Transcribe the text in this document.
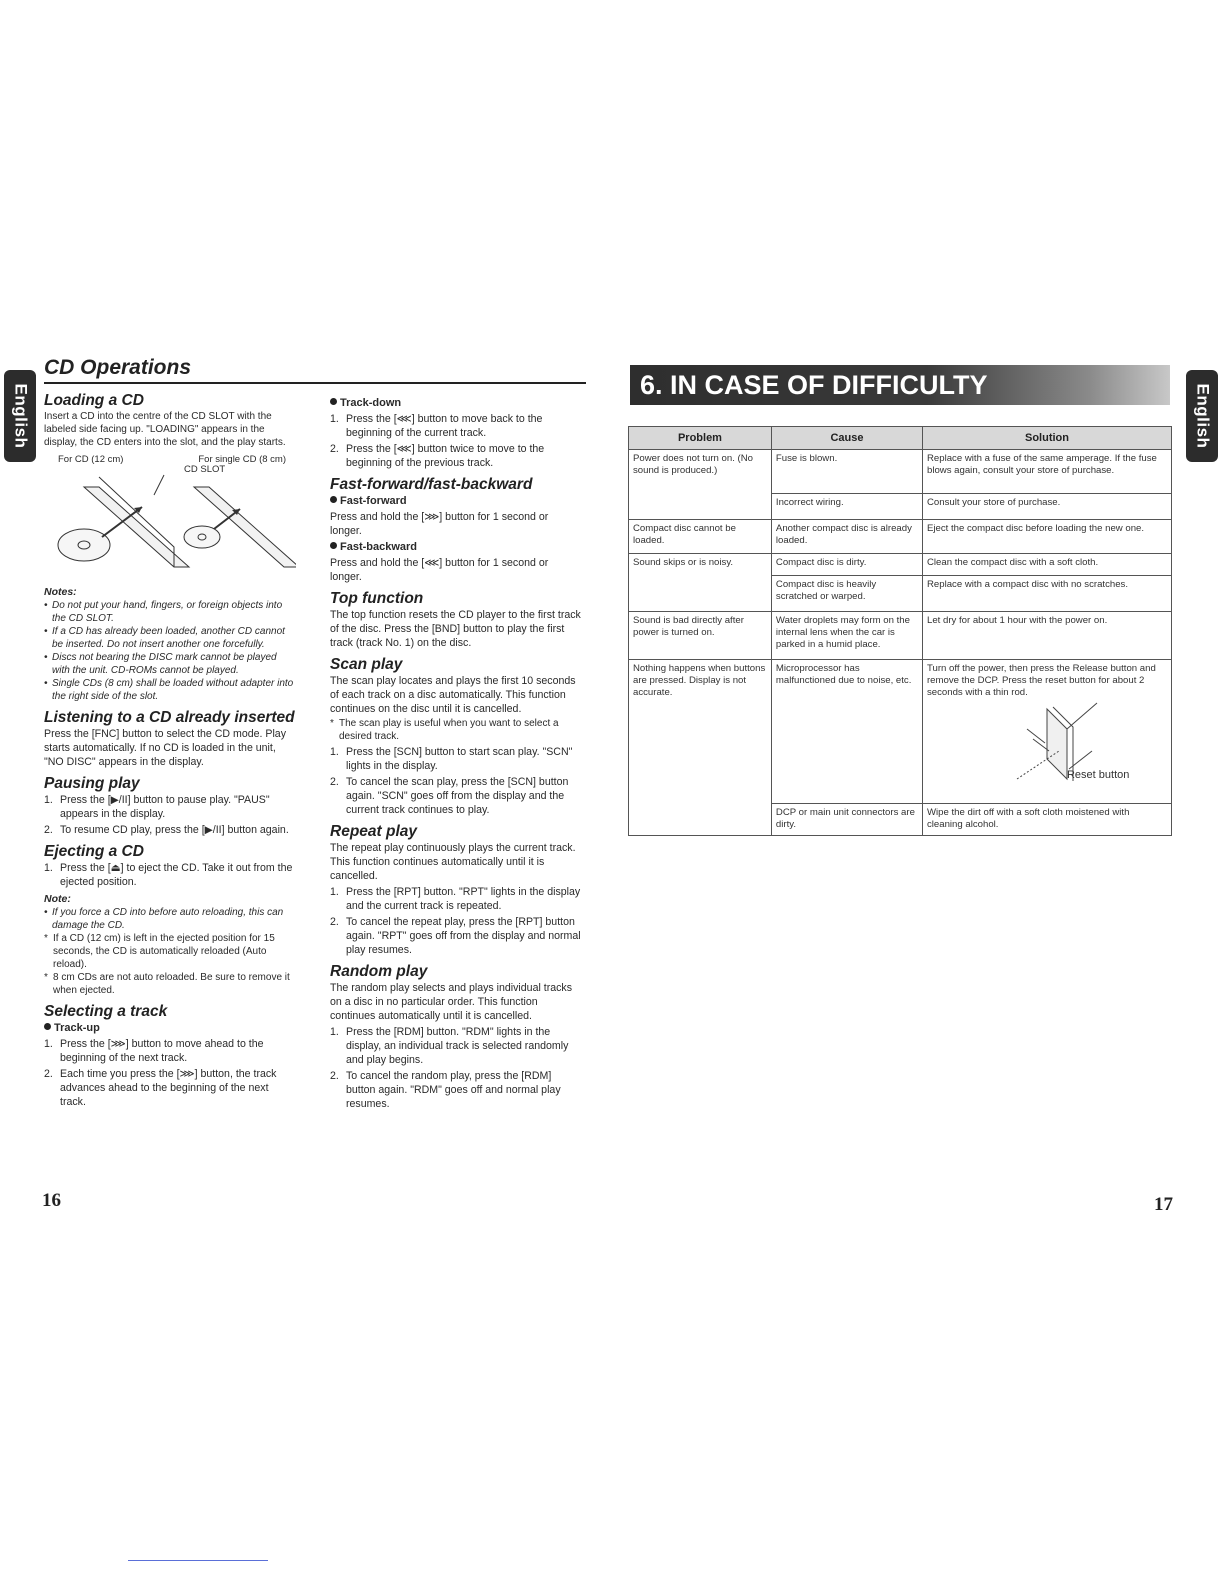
English	English
CD Operations
Loading a CD

Insert a CD into the centre of the CD SLOT with the labeled side facing up. "LOADING" appears in the display, the CD enters into the slot, and the play starts.

For CD (12 cm)	For single CD (8 cm)
CD SLOT
Notes:
• Do not put your hand, fingers, or foreign objects into the CD SLOT.
• If a CD has already been loaded, another CD cannot be inserted. Do not insert another one forcefully.
• Discs not bearing the DISC mark cannot be played with the unit. CD-ROMs cannot be played.
• Single CDs (8 cm) shall be loaded without adapter into the right side of the slot.
Listening to a CD already inserted

Press the [FNC] button to select the CD mode. Play starts automatically. If no CD is loaded in the unit, "NO DISC" appears in the display.

Pausing play
1. Press the [▶/II] button to pause play. "PAUS" appears in the display.
2. To resume CD play, press the [▶/II] button again.
Ejecting a CD
1. Press the [⏏] to eject the CD. Take it out from the ejected position.
Note:
• If you force a CD into before auto reloading, this can damage the CD.
* If a CD (12 cm) is left in the ejected position for 15 seconds, the CD is automatically reloaded (Auto reload).
* 8 cm CDs are not auto reloaded. Be sure to remove it when ejected.
Selecting a track
Track-up
1. Press the [⋙] button to move ahead to the beginning of the next track.
2. Each time you press the [⋙] button, the track advances ahead to the beginning of the next track.
Track-down
1. Press the [⋘] button to move back to the beginning of the current track.
2. Press the [⋘] button twice to move to the beginning of the previous track.
Fast-forward/fast-backward
Fast-forward

Press and hold the [⋙] button for 1 second or longer.

Fast-backward

Press and hold the [⋘] button for 1 second or longer.

Top function

The top function resets the CD player to the first track of the disc. Press the [BND] button to play the first track (track No. 1) on the disc.

Scan play

The scan play locates and plays the first 10 seconds of each track on a disc automatically. This function continues on the disc until it is cancelled.

* The scan play is useful when you want to select a desired track.
1. Press the [SCN] button to start scan play. "SCN" lights in the display.
2. To cancel the scan play, press the [SCN] button again. "SCN" goes off from the display and the current track continues to play.
Repeat play

The repeat play continuously plays the current track. This function continues automatically until it is cancelled.

1. Press the [RPT] button. "RPT" lights in the display and the current track is repeated.
2. To cancel the repeat play, press the [RPT] button again. "RPT" goes off from the display and normal play resumes.
Random play

The random play selects and plays individual tracks on a disc in no particular order. This function continues automatically until it is cancelled.

1. Press the [RDM] button. "RDM" lights in the display, an individual track is selected randomly and play begins.
2. To cancel the random play, press the [RDM] button again. "RDM" goes off and normal play resumes.
16	17
6. IN CASE OF DIFFICULTY
Problem	Cause	Solution
Power does not turn on. (No sound is produced.)	Fuse is blown.	Replace with a fuse of the same amperage. If the fuse blows again, consult your store of purchase.
	Incorrect wiring.	Consult your store of purchase.
Compact disc cannot be loaded.	Another compact disc is already loaded.	Eject the compact disc before loading the new one.
Sound skips or is noisy.	Compact disc is dirty.	Clean the compact disc with a soft cloth.
	Compact disc is heavily scratched or warped.	Replace with a compact disc with no scratches.
Sound is bad directly after power is turned on.	Water droplets may form on the internal lens when the car is parked in a humid place.	Let dry for about 1 hour with the power on.
Nothing happens when buttons are pressed. Display is not accurate.	Microprocessor has malfunctioned due to noise, etc.	Turn off the power, then press the Release button and remove the DCP. Press the reset button for about 2 seconds with a thin rod.
Reset button

	DCP or main unit connectors are dirty.	Wipe the dirt off with a soft cloth moistened with cleaning alcohol.
